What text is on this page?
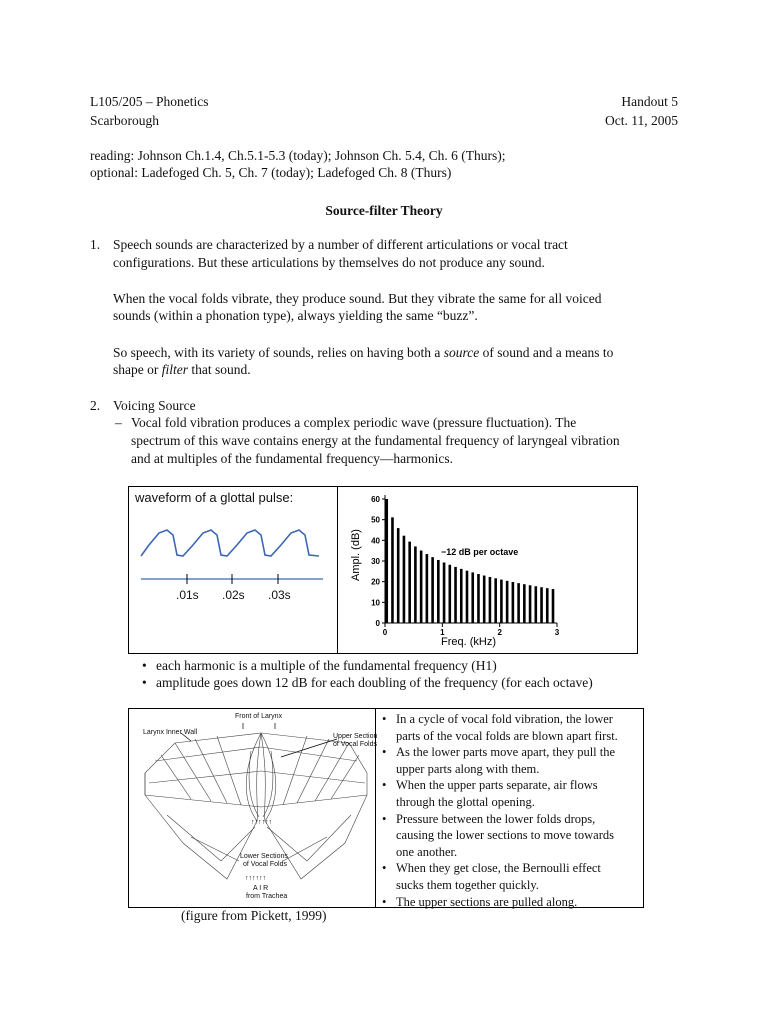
L105/205 – Phonetics
Scarborough
Handout 5
Oct. 11, 2005
reading: Johnson Ch.1.4, Ch.5.1-5.3 (today); Johnson Ch. 5.4, Ch. 6 (Thurs);
optional: Ladefoged Ch. 5, Ch. 7 (today); Ladefoged Ch. 8 (Thurs)
Source-filter Theory
1. Speech sounds are characterized by a number of different articulations or vocal tract
configurations. But these articulations by themselves do not produce any sound.
When the vocal folds vibrate, they produce sound. But they vibrate the same for all voiced
sounds (within a phonation type), always yielding the same “buzz”.
So speech, with its variety of sounds, relies on having both a source of sound and a means to
shape or filter that sound.
2. Voicing Source
– Vocal fold vibration produces a complex periodic wave (pressure fluctuation). The
spectrum of this wave contains energy at the fundamental frequency of laryngeal vibration
and at multiples of the fundamental frequency—harmonics.
waveform of a glottal pulse:
.01s .02s .03s
Ampl. (dB)
Freq. (kHz)
−12 dB per octave
60
50
40
30
20
10
0
0	1	2	3
• each harmonic is a multiple of the fundamental frequency (H1)
• amplitude goes down 12 dB for each doubling of the frequency (for each octave)
Front of Larynx
Larynx Inner Wall
Upper Section
of Vocal Folds
↑↑↑↑↑↑
Lower Sections
of Vocal Folds
↑↑↑↑↑↑
A I R
from Trachea
• In a cycle of vocal fold vibration, the lower
parts of the vocal folds are blown apart first.
• As the lower parts move apart, they pull the
upper parts along with them.
• When the upper parts separate, air flows
through the glottal opening.
• Pressure between the lower folds drops,
causing the lower sections to move towards
one another.
• When they get close, the Bernoulli effect
sucks them together quickly.
• The upper sections are pulled along.
(figure from Pickett, 1999)
